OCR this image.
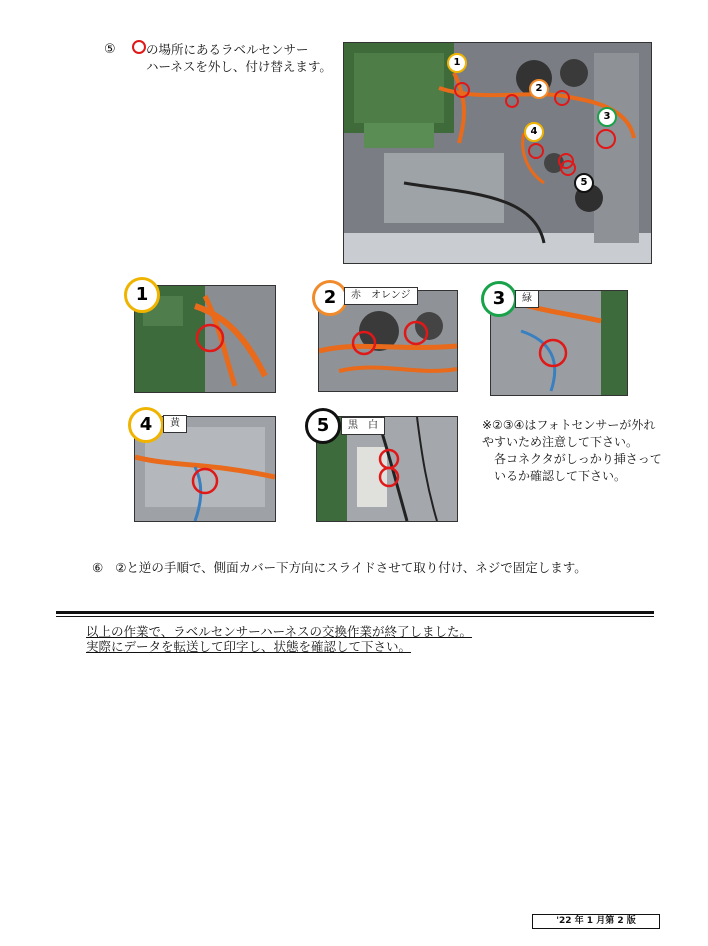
⑤ の場所にあるラベルセンサー
ハーネスを外し、付け替えます。	1
2
3
4
5
1	2	赤　オレンジ	3	緑
4	黄	5	黒　白	※②③④はフォトセンサーが外れやすいため注意して下さい。

各コネクタがしっかり挿さっているか確認して下さい。

⑥ ②と逆の手順で、側面カバー下方向にスライドさせて取り付け、ネジで固定します。
以上の作業で、ラベルセンサーハーネスの交換作業が終了しました。
実際にデータを転送して印字し、状態を確認して下さい。
'22 年 1 月第 2 版
